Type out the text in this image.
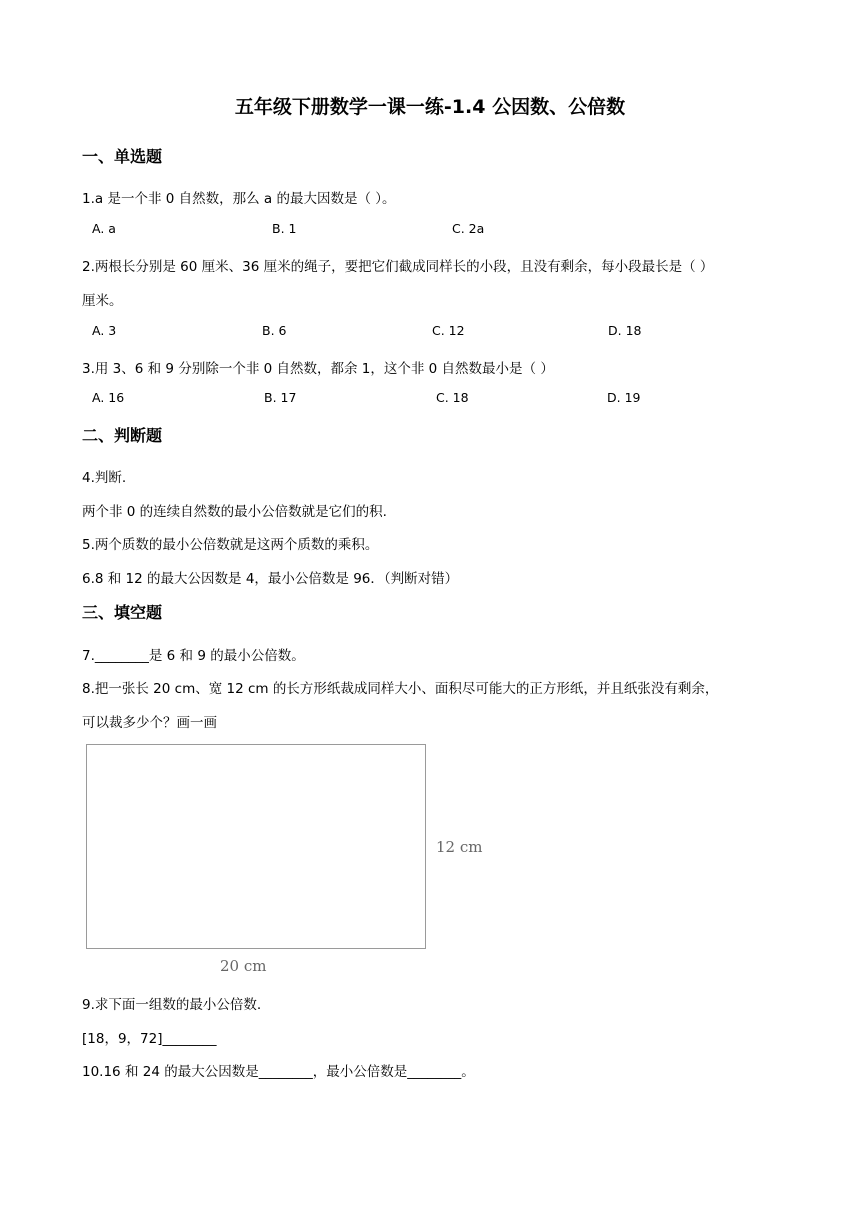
五年级下册数学一课一练-1.4 公因数、公倍数
一、单选题
1.a 是一个非 0 自然数，那么 a 的最大因数是（ ）。
A. a	B. 1	C. 2a
2.两根长分别是 60 厘米、36 厘米的绳子，要把它们截成同样长的小段，且没有剩余，每小段最长是（ ）
厘米。
A. 3	B. 6	C. 12	D. 18
3.用 3、6 和 9 分别除一个非 0 自然数，都余 1，这个非 0 自然数最小是（ ）
A. 16	B. 17	C. 18	D. 19
二、判断题
4.判断.
两个非 0 的连续自然数的最小公倍数就是它们的积.
5.两个质数的最小公倍数就是这两个质数的乘积。
6.8 和 12 的最大公因数是 4，最小公倍数是 96．（判断对错）
三、填空题
7.________是 6 和 9 的最小公倍数。
8.把一张长 20 cm、宽 12 cm 的长方形纸裁成同样大小、面积尽可能大的正方形纸，并且纸张没有剩余，
可以裁多少个？画一画
12 cm
20 cm
9.求下面一组数的最小公倍数.
[18，9，72]________
10.16 和 24 的最大公因数是________，最小公倍数是________。
